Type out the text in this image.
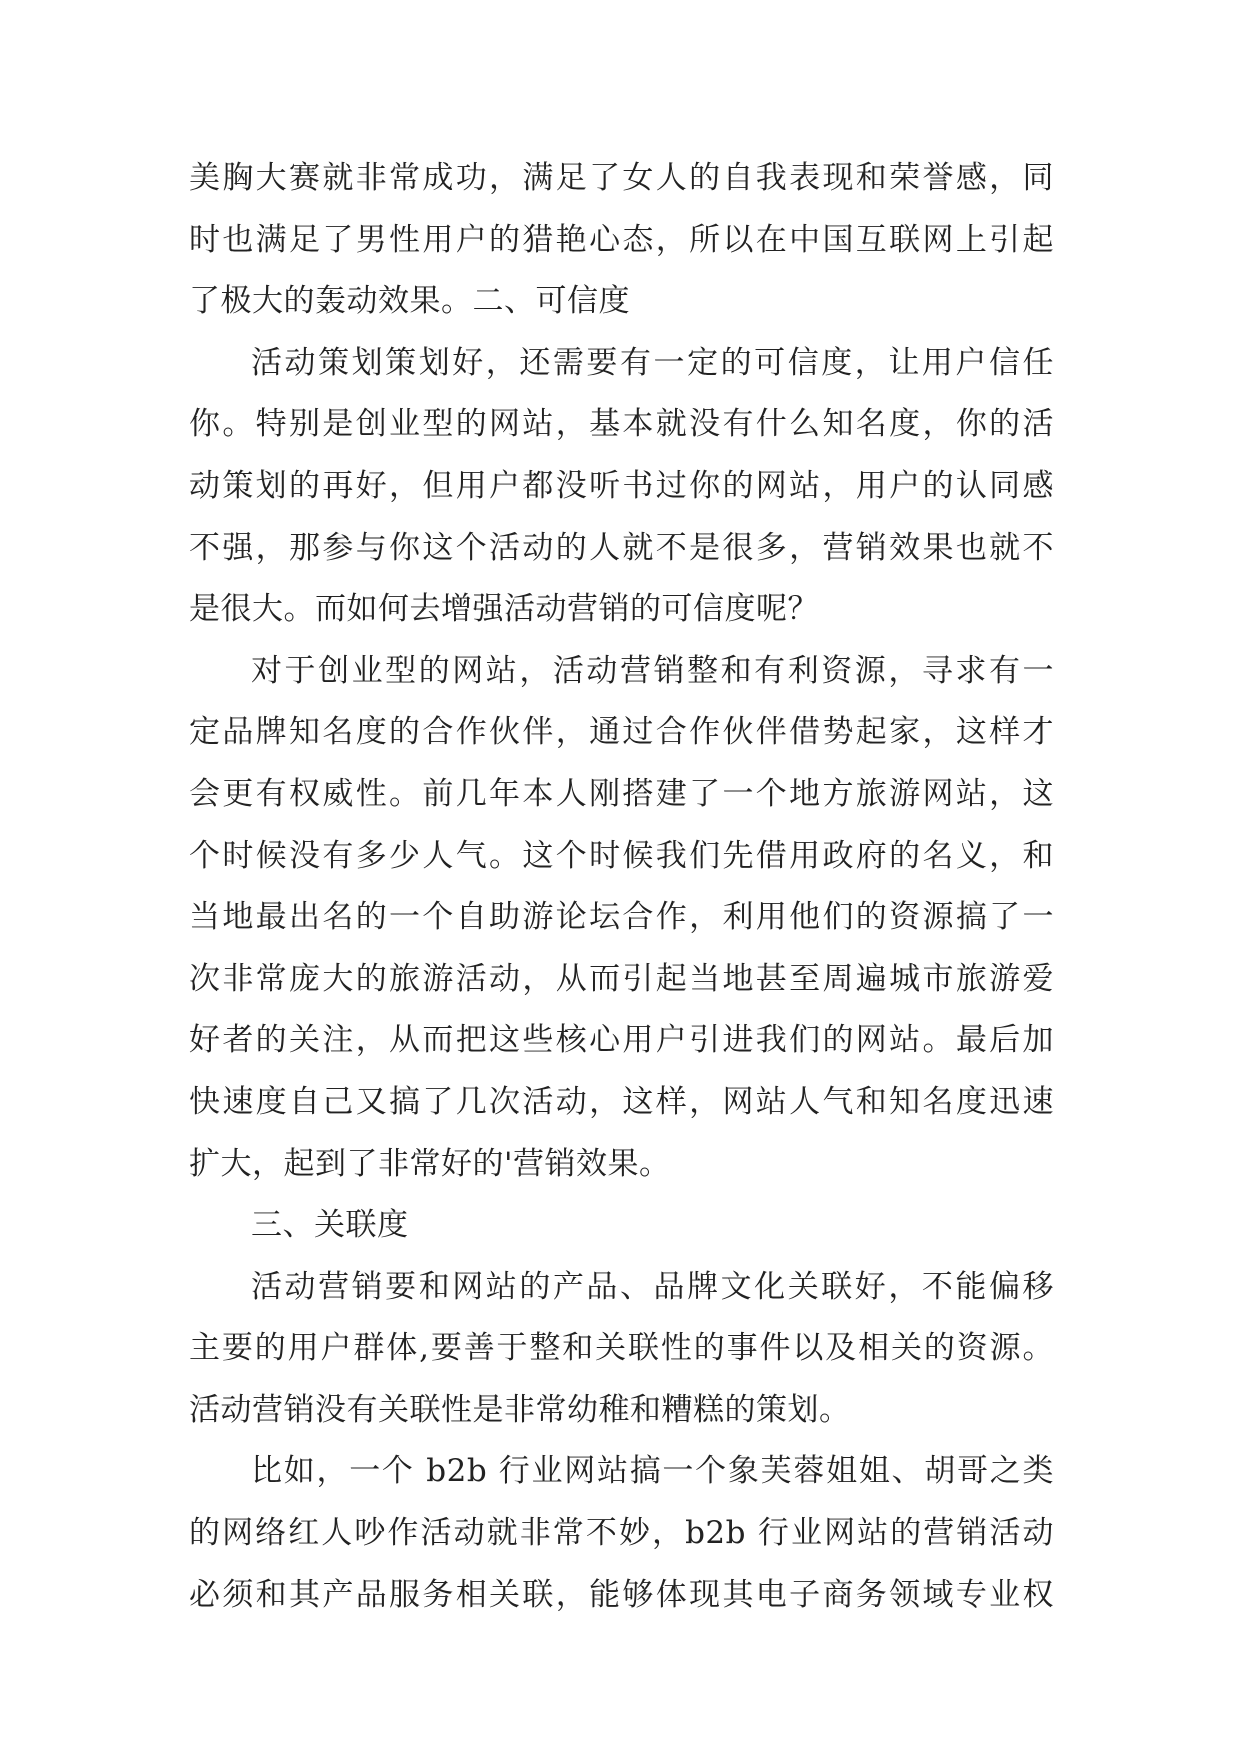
美胸大赛就非常成功，满足了女人的自我表现和荣誉感，同
时也满足了男性用户的猎艳心态，所以在中国互联网上引起
了极大的轰动效果。二、可信度
活动策划策划好，还需要有一定的可信度，让用户信任
你。特别是创业型的网站，基本就没有什么知名度，你的活
动策划的再好，但用户都没听书过你的网站，用户的认同感
不强，那参与你这个活动的人就不是很多，营销效果也就不
是很大。而如何去增强活动营销的可信度呢？
对于创业型的网站，活动营销整和有利资源，寻求有一
定品牌知名度的合作伙伴，通过合作伙伴借势起家，这样才
会更有权威性。前几年本人刚搭建了一个地方旅游网站，这
个时候没有多少人气。这个时候我们先借用政府的名义，和
当地最出名的一个自助游论坛合作，利用他们的资源搞了一
次非常庞大的旅游活动，从而引起当地甚至周遍城市旅游爱
好者的关注，从而把这些核心用户引进我们的网站。最后加
快速度自己又搞了几次活动，这样，网站人气和知名度迅速
扩大，起到了非常好的'营销效果。
三、关联度
活动营销要和网站的产品、品牌文化关联好，不能偏移
主要的用户群体,要善于整和关联性的事件以及相关的资源。
活动营销没有关联性是非常幼稚和糟糕的策划。
比如，一个 b2b 行业网站搞一个象芙蓉姐姐、胡哥之类
的网络红人吵作活动就非常不妙，b2b 行业网站的营销活动
必须和其产品服务相关联，能够体现其电子商务领域专业权
